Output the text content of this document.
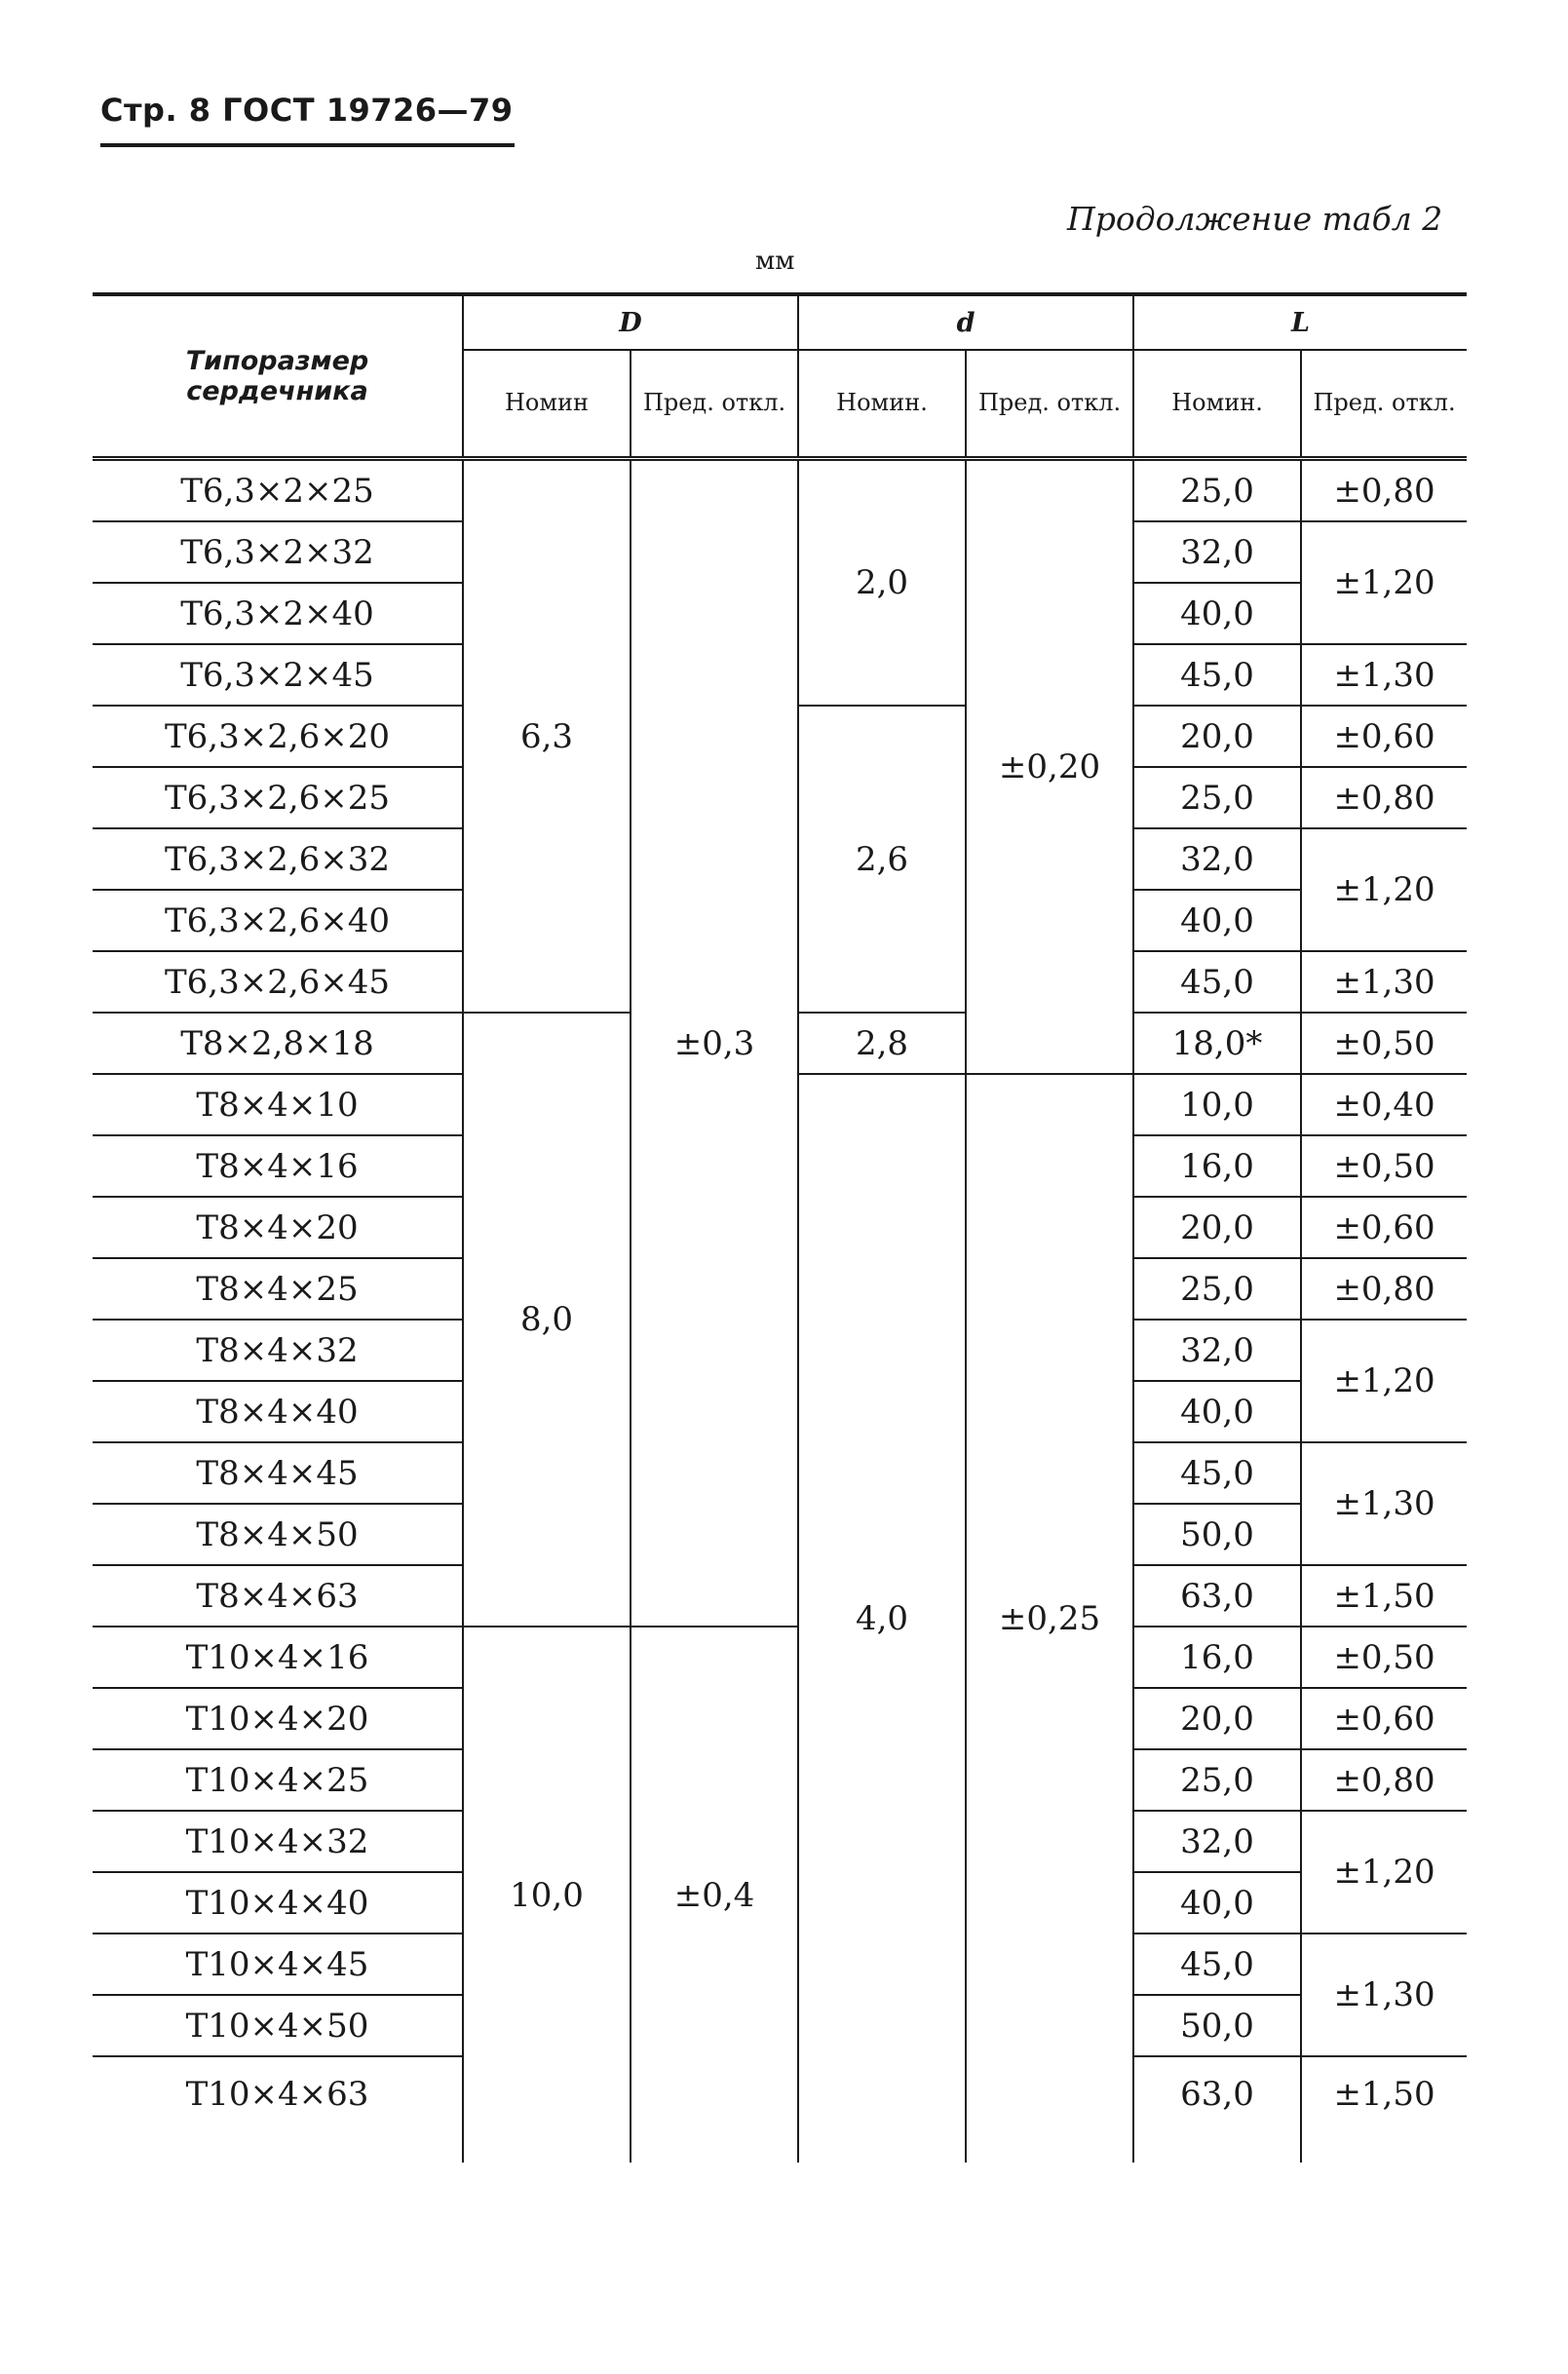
Стр. 8 ГОСТ 19726—79
Продолжение табл 2
мм
Типоразмер сердечника	D		d		L	
	Номин	Пред. откл.	Номин.	Пред. откл.	Номин.	Пред. откл.
Т6,3×2×25	6,3	±0,3	2,0	±0,20	25,0	±0,80
Т6,3×2×32					32,0	±1,20
Т6,3×2×40					40,0	
Т6,3×2×45					45,0	±1,30
Т6,3×2,6×20			2,6		20,0	±0,60
Т6,3×2,6×25					25,0	±0,80
Т6,3×2,6×32					32,0	±1,20
Т6,3×2,6×40					40,0	
Т6,3×2,6×45					45,0	±1,30
Т8×2,8×18	8,0		2,8		18,0*	±0,50
Т8×4×10			4,0	±0,25	10,0	±0,40
Т8×4×16					16,0	±0,50
Т8×4×20					20,0	±0,60
Т8×4×25					25,0	±0,80
Т8×4×32					32,0	±1,20
Т8×4×40					40,0	
Т8×4×45					45,0	±1,30
Т8×4×50					50,0	
Т8×4×63					63,0	±1,50
Т10×4×16	10,0	±0,4			16,0	±0,50
Т10×4×20					20,0	±0,60
Т10×4×25					25,0	±0,80
Т10×4×32					32,0	±1,20
Т10×4×40					40,0	
Т10×4×45					45,0	±1,30
Т10×4×50					50,0	
Т10×4×63					63,0	±1,50
